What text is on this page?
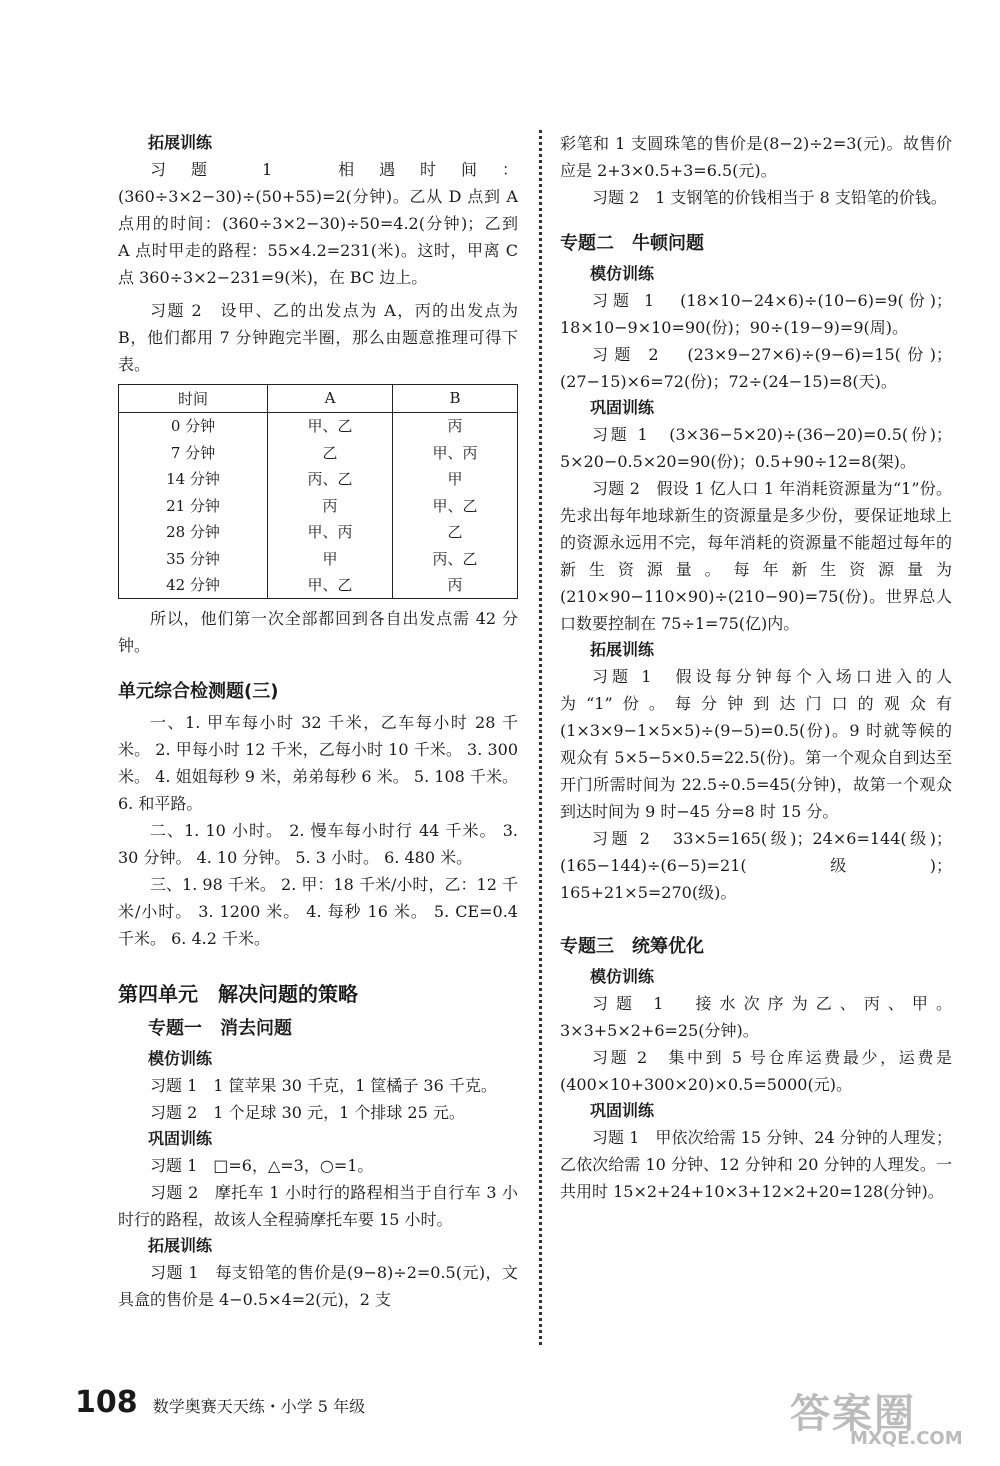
拓展训练

习题 1　相遇时间：(360÷3×2−30)÷(50+55)=2(分钟)。乙从 D 点到 A 点用的时间：(360÷3×2−30)÷50=4.2(分钟)；乙到 A 点时甲走的路程：55×4.2=231(米)。这时，甲离 C 点 360÷3×2−231=9(米)，在 BC 边上。

习题 2　设甲、乙的出发点为 A，丙的出发点为 B，他们都用 7 分钟跑完半圈，那么由题意推理可得下表。

时间	A	B
0 分钟	甲、乙	丙
7 分钟	乙	甲、丙
14 分钟	丙、乙	甲
21 分钟	丙	甲、乙
28 分钟	甲、丙	乙
35 分钟	甲	丙、乙
42 分钟	甲、乙	丙

所以，他们第一次全部都回到各自出发点需 42 分钟。

单元综合检测题(三)

一、1. 甲车每小时 32 千米，乙车每小时 28 千米。 2. 甲每小时 12 千米，乙每小时 10 千米。 3. 300 米。 4. 姐姐每秒 9 米，弟弟每秒 6 米。 5. 108 千米。 6. 和平路。

二、1. 10 小时。 2. 慢车每小时行 44 千米。 3. 30 分钟。 4. 10 分钟。 5. 3 小时。 6. 480 米。

三、1. 98 千米。 2. 甲：18 千米/小时，乙：12 千米/小时。 3. 1200 米。 4. 每秒 16 米。 5. CE=0.4 千米。 6. 4.2 千米。

第四单元　解决问题的策略
专题一　消去问题
模仿训练

习题 1　1 筐苹果 30 千克，1 筐橘子 36 千克。

习题 2　1 个足球 30 元，1 个排球 25 元。

巩固训练

习题 1　□=6，△=3，○=1。

习题 2　摩托车 1 小时行的路程相当于自行车 3 小时行的路程，故该人全程骑摩托车要 15 小时。

拓展训练

习题 1　每支铅笔的售价是(9−8)÷2=0.5(元)，文具盒的售价是 4−0.5×4=2(元)，2 支

彩笔和 1 支圆珠笔的售价是(8−2)÷2=3(元)。故售价应是 2+3×0.5+3=6.5(元)。

习题 2　1 支钢笔的价钱相当于 8 支铅笔的价钱。

专题二　牛顿问题
模仿训练

习题 1　(18×10−24×6)÷(10−6)=9(份)；18×10−9×10=90(份)；90÷(19−9)=9(周)。

习题 2　(23×9−27×6)÷(9−6)=15(份)；(27−15)×6=72(份)；72÷(24−15)=8(天)。

巩固训练

习题 1　(3×36−5×20)÷(36−20)=0.5(份)；5×20−0.5×20=90(份)；0.5+90÷12=8(架)。

习题 2　假设 1 亿人口 1 年消耗资源量为“1”份。先求出每年地球新生的资源量是多少份，要保证地球上的资源永远用不完，每年消耗的资源量不能超过每年的新生资源量。每年新生资源量为(210×90−110×90)÷(210−90)=75(份)。世界总人口数要控制在 75÷1=75(亿)内。

拓展训练

习题 1　假设每分钟每个入场口进入的人为“1”份。每分钟到达门口的观众有(1×3×9−1×5×5)÷(9−5)=0.5(份)。9 时就等候的观众有 5×5−5×0.5=22.5(份)。第一个观众自到达至开门所需时间为 22.5÷0.5=45(分钟)，故第一个观众到达时间为 9 时−45 分=8 时 15 分。

习题 2　33×5=165(级)；24×6=144(级)；(165−144)÷(6−5)=21(级)；165+21×5=270(级)。

专题三　统筹优化
模仿训练

习题 1　接水次序为乙、丙、甲。3×3+5×2+6=25(分钟)。

习题 2　集中到 5 号仓库运费最少，运费是(400×10+300×20)×0.5=5000(元)。

巩固训练

习题 1　甲依次给需 15 分钟、24 分钟的人理发；乙依次给需 10 分钟、12 分钟和 20 分钟的人理发。一共用时 15×2+24+10×3+12×2+20=128(分钟)。

108 数学奥赛天天练・小学 5 年级	答案圈
MXQE.COM
